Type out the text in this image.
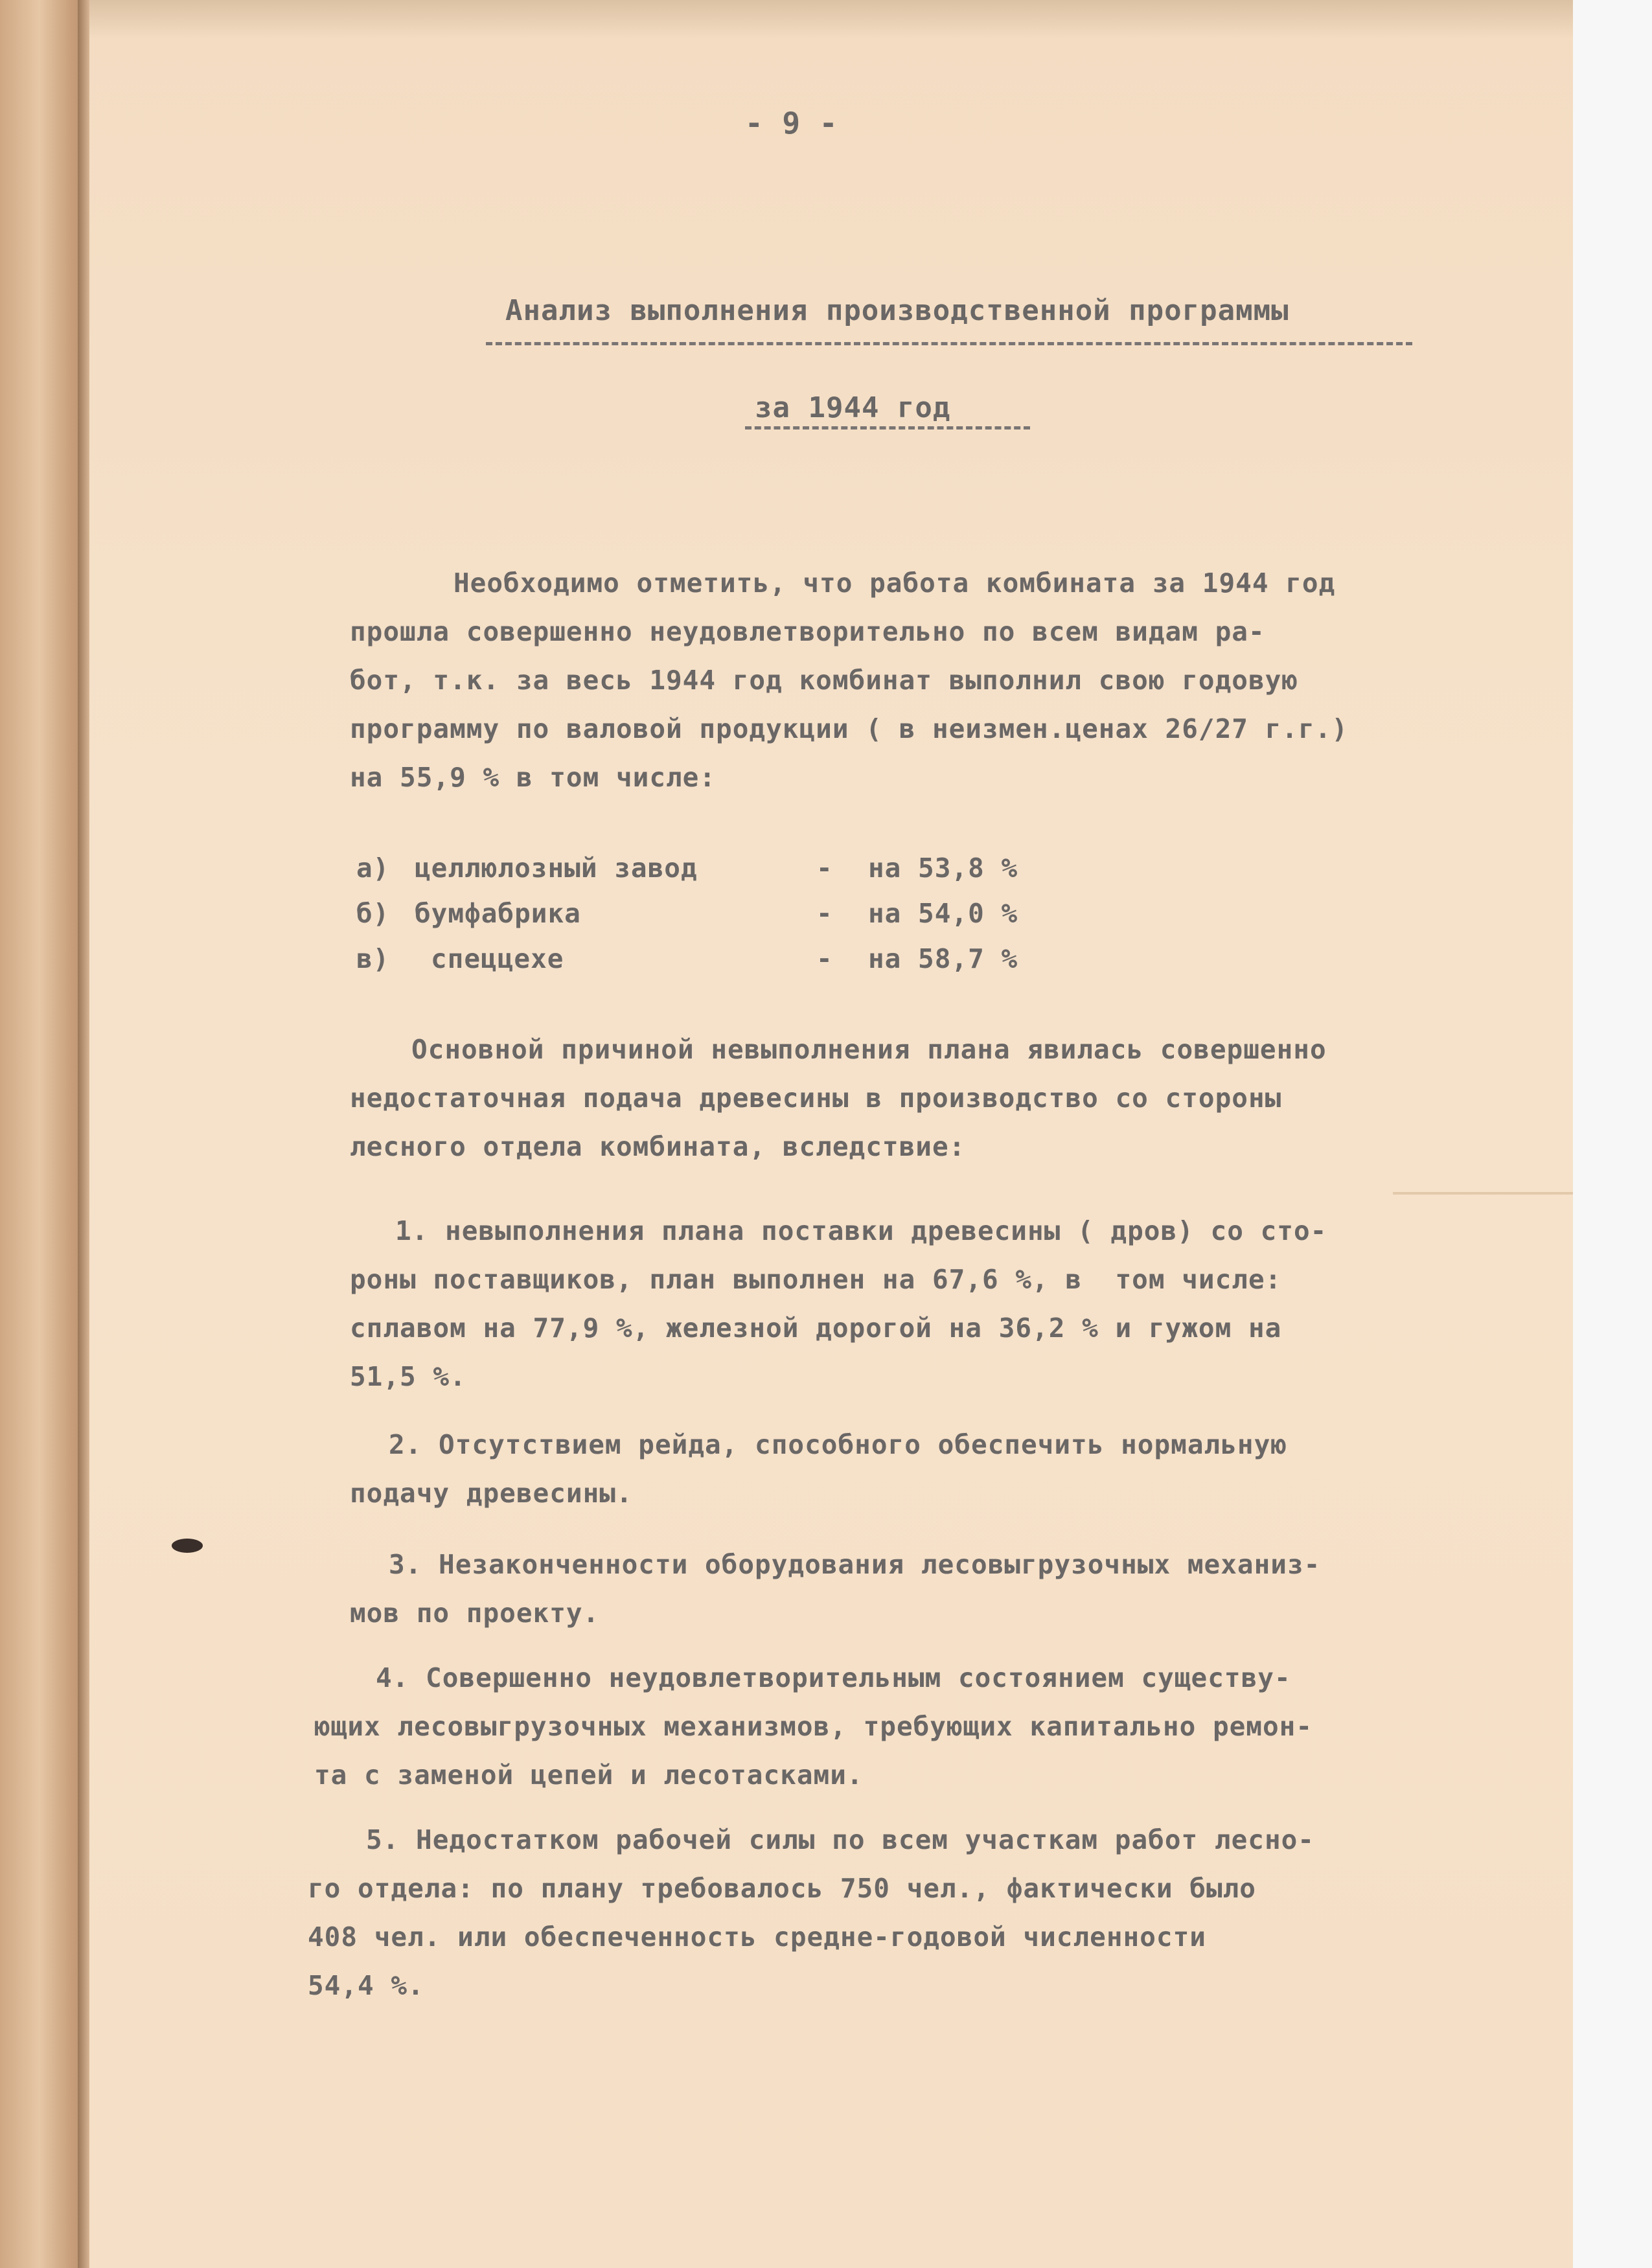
- 9 -
Анализ выполнения производственной программы
за 1944 год
Необходимо отметить, что работа комбината за 1944 год
прошла совершенно неудовлетворительно по всем видам ра-
бот, т.к. за весь 1944 год комбинат выполнил свою годовую
программу по валовой продукции ( в неизмен.ценах 26/27 г.г.)
на 55,9 % в том числе:
а) целлюлозный завод	- на 53,8 %
б) бумфабрика	- на 54,0 %
в) спеццехе	- на 58,7 %
Основной причиной невыполнения плана явилась совершенно
недостаточная подача древесины в производство со стороны
лесного отдела комбината, вследствие:
1. невыполнения плана поставки древесины ( дров) со сто-
роны поставщиков, план выполнен на 67,6 %, в  том числе:
сплавом на 77,9 %, железной дорогой на 36,2 % и гужом на
51,5 %.
2. Отсутствием рейда, способного обеспечить нормальную
подачу древесины.
3. Незаконченности оборудования лесовыгрузочных механиз-
мов по проекту.
4. Совершенно неудовлетворительным состоянием существу-
ющих лесовыгрузочных механизмов, требующих капитально ремон-
та с заменой цепей и лесотасками.
5. Недостатком рабочей силы по всем участкам работ лесно-
го отдела: по плану требовалось 750 чел., фактически было
408 чел. или обеспеченность средне-годовой численности
54,4 %.
